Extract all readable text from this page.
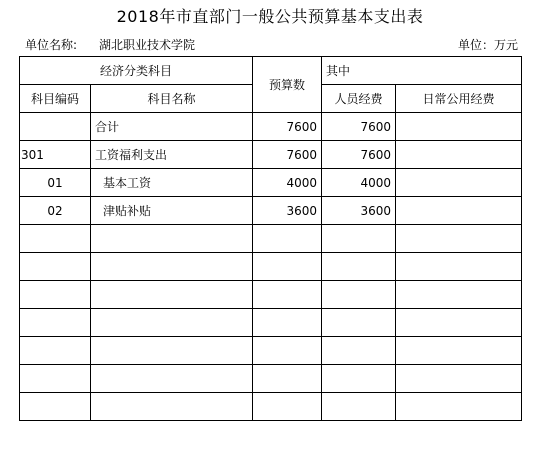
2018年市直部门一般公共预算基本支出表
单位名称: 湖北职业技术学院	单位：万元
经济分类科目		预算数	其中	
科目编码	科目名称		人员经费	日常公用经费
	合计	7600	7600	
301	工资福利支出	7600	7600	
01	基本工资	4000	4000	
02	津贴补贴	3600	3600	
